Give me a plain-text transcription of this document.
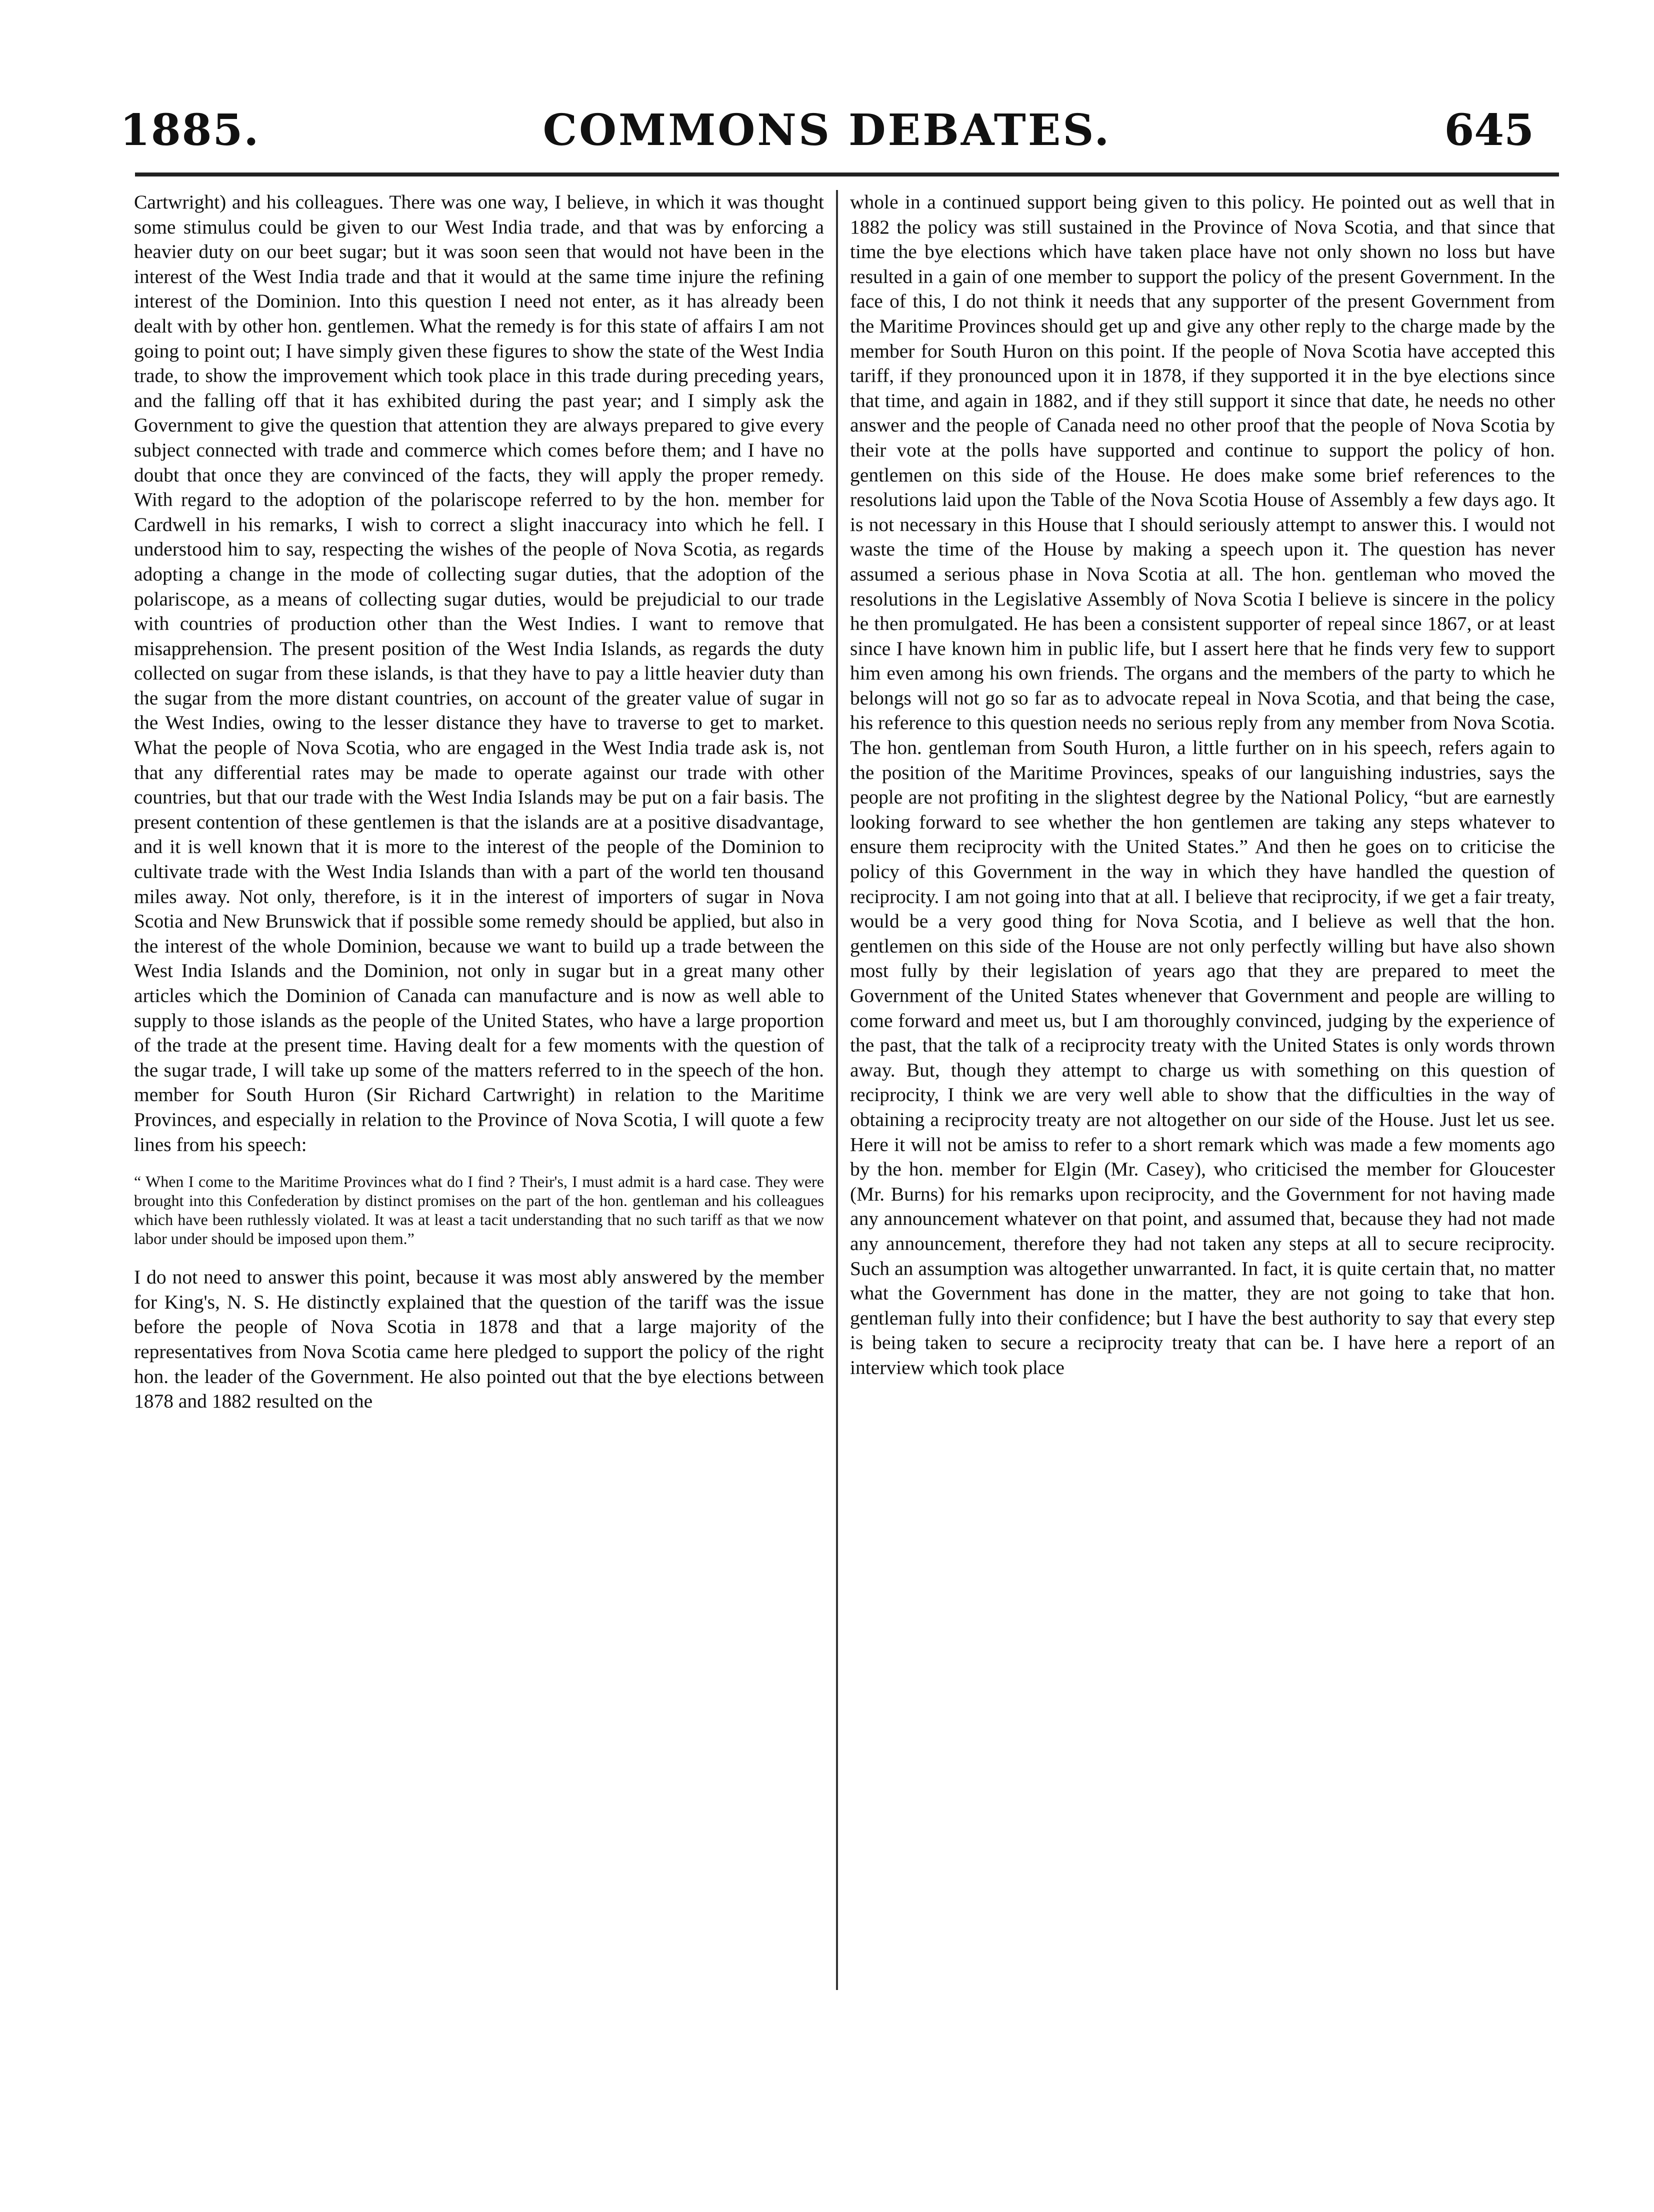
1885.	COMMONS DEBATES.	645

Cartwright) and his colleagues. There was one way, I believe, in which it was thought some stimulus could be given to our West India trade, and that was by enforcing a heavier duty on our beet sugar; but it was soon seen that would not have been in the interest of the West India trade and that it would at the same time injure the refining interest of the Dominion. Into this question I need not enter, as it has already been dealt with by other hon. gentlemen. What the remedy is for this state of affairs I am not going to point out; I have simply given these figures to show the state of the West India trade, to show the improvement which took place in this trade during preceding years, and the falling off that it has exhibited during the past year; and I simply ask the Government to give the question that attention they are always prepared to give every subject connected with trade and commerce which comes before them; and I have no doubt that once they are convinced of the facts, they will apply the proper remedy. With regard to the adoption of the polariscope referred to by the hon. member for Cardwell in his remarks, I wish to correct a slight inaccuracy into which he fell. I understood him to say, respecting the wishes of the people of Nova Scotia, as regards adopting a change in the mode of collecting sugar duties, that the adoption of the polariscope, as a means of collecting sugar duties, would be prejudicial to our trade with countries of production other than the West Indies. I want to remove that misapprehension. The present position of the West India Islands, as regards the duty collected on sugar from these islands, is that they have to pay a little heavier duty than the sugar from the more distant countries, on account of the greater value of sugar in the West Indies, owing to the lesser distance they have to traverse to get to market. What the people of Nova Scotia, who are engaged in the West India trade ask is, not that any differential rates may be made to operate against our trade with other countries, but that our trade with the West India Islands may be put on a fair basis. The present contention of these gentlemen is that the islands are at a positive disadvantage, and it is well known that it is more to the interest of the people of the Dominion to cultivate trade with the West India Islands than with a part of the world ten thousand miles away. Not only, therefore, is it in the interest of importers of sugar in Nova Scotia and New Brunswick that if possible some remedy should be applied, but also in the interest of the whole Dominion, because we want to build up a trade between the West India Islands and the Dominion, not only in sugar but in a great many other articles which the Dominion of Canada can manufacture and is now as well able to supply to those islands as the people of the United States, who have a large proportion of the trade at the present time. Having dealt for a few moments with the question of the sugar trade, I will take up some of the matters referred to in the speech of the hon. member for South Huron (Sir Richard Cartwright) in relation to the Maritime Provinces, and especially in relation to the Province of Nova Scotia, I will quote a few lines from his speech:

“ When I come to the Maritime Provinces what do I find ? Their's, I must admit is a hard case. They were brought into this Confederation by distinct promises on the part of the hon. gentleman and his colleagues which have been ruthlessly violated. It was at least a tacit understanding that no such tariff as that we now labor under should be imposed upon them.”

I do not need to answer this point, because it was most ably answered by the member for King's, N. S. He distinctly explained that the question of the tariff was the issue before the people of Nova Scotia in 1878 and that a large majority of the representatives from Nova Scotia came here pledged to support the policy of the right hon. the leader of the Government. He also pointed out that the bye elections between 1878 and 1882 resulted on the

whole in a continued support being given to this policy. He pointed out as well that in 1882 the policy was still sustained in the Province of Nova Scotia, and that since that time the bye elections which have taken place have not only shown no loss but have resulted in a gain of one member to support the policy of the present Government. In the face of this, I do not think it needs that any supporter of the present Government from the Maritime Provinces should get up and give any other reply to the charge made by the member for South Huron on this point. If the people of Nova Scotia have accepted this tariff, if they pronounced upon it in 1878, if they supported it in the bye elections since that time, and again in 1882, and if they still support it since that date, he needs no other answer and the people of Canada need no other proof that the people of Nova Scotia by their vote at the polls have supported and continue to support the policy of hon. gentlemen on this side of the House. He does make some brief references to the resolutions laid upon the Table of the Nova Scotia House of Assembly a few days ago. It is not necessary in this House that I should seriously attempt to answer this. I would not waste the time of the House by making a speech upon it. The question has never assumed a serious phase in Nova Scotia at all. The hon. gentleman who moved the resolutions in the Legislative Assembly of Nova Scotia I believe is sincere in the policy he then promulgated. He has been a consistent supporter of repeal since 1867, or at least since I have known him in public life, but I assert here that he finds very few to support him even among his own friends. The organs and the members of the party to which he belongs will not go so far as to advocate repeal in Nova Scotia, and that being the case, his reference to this question needs no serious reply from any member from Nova Scotia. The hon. gentleman from South Huron, a little further on in his speech, refers again to the position of the Maritime Provinces, speaks of our languishing industries, says the people are not profiting in the slightest degree by the National Policy, “but are earnestly looking forward to see whether the hon gentlemen are taking any steps whatever to ensure them reciprocity with the United States.” And then he goes on to criticise the policy of this Government in the way in which they have handled the question of reciprocity. I am not going into that at all. I believe that reciprocity, if we get a fair treaty, would be a very good thing for Nova Scotia, and I believe as well that the hon. gentlemen on this side of the House are not only perfectly willing but have also shown most fully by their legislation of years ago that they are prepared to meet the Government of the United States whenever that Government and people are willing to come forward and meet us, but I am thoroughly convinced, judging by the experience of the past, that the talk of a reciprocity treaty with the United States is only words thrown away. But, though they attempt to charge us with something on this question of reciprocity, I think we are very well able to show that the difficulties in the way of obtaining a reciprocity treaty are not altogether on our side of the House. Just let us see. Here it will not be amiss to refer to a short remark which was made a few moments ago by the hon. member for Elgin (Mr. Casey), who criticised the member for Gloucester (Mr. Burns) for his remarks upon reciprocity, and the Government for not having made any announcement whatever on that point, and assumed that, because they had not made any announcement, therefore they had not taken any steps at all to secure reciprocity. Such an assumption was altogether unwarranted. In fact, it is quite certain that, no matter what the Government has done in the matter, they are not going to take that hon. gentleman fully into their confidence; but I have the best authority to say that every step is being taken to secure a reciprocity treaty that can be. I have here a report of an interview which took place
